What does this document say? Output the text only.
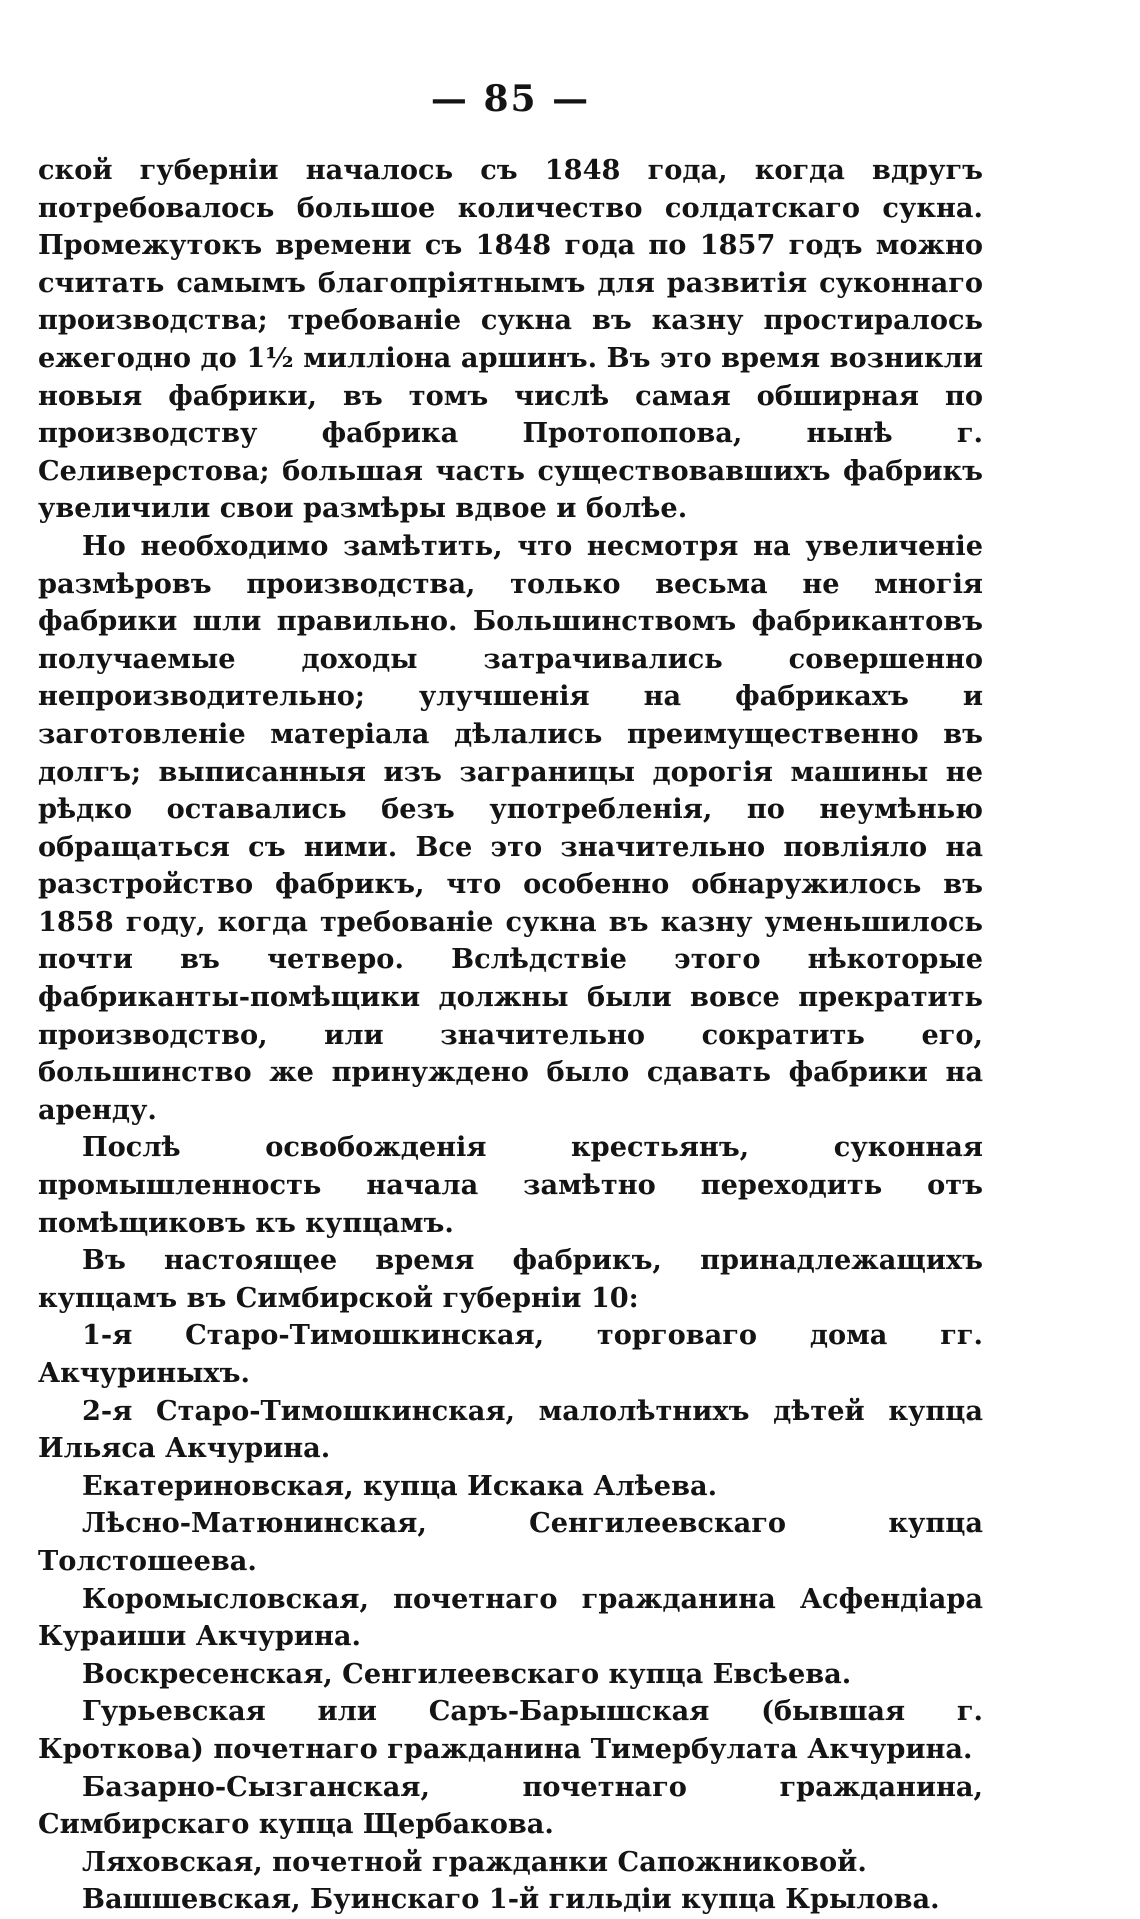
— 85 —

ской губерніи началось съ 1848 года, когда вдругъ потребовалось большое количество солдатскаго сукна. Промежутокъ времени съ 1848 года по 1857 годъ можно считать самымъ благопріятнымъ для развитія суконнаго производства; требованіе сукна въ казну простиралось ежегодно до 1½ милліона аршинъ. Въ это время возникли новыя фабрики, въ томъ числѣ самая обширная по производству фабрика Протопопова, нынѣ г. Селиверстова; большая часть существовавшихъ фабрикъ увеличили свои размѣры вдвое и болѣе.

Но необходимо замѣтить, что несмотря на увеличеніе размѣровъ производства, только весьма не многія фабрики шли правильно. Большинствомъ фабрикантовъ получаемые доходы затрачивались совершенно непроизводительно; улучшенія на фабрикахъ и заготовленіе матеріала дѣлались преимущественно въ долгъ; выписанныя изъ заграницы дорогія машины не рѣдко оставались безъ употребленія, по неумѣнью обращаться съ ними. Все это значительно повліяло на разстройство фабрикъ, что особенно обнаружилось въ 1858 году, когда требованіе сукна въ казну уменьшилось почти въ четверо. Вслѣдствіе этого нѣкоторые фабриканты-помѣщики должны были вовсе прекратить производство, или значительно сократить его, большинство же принуждено было сдавать фабрики на аренду.

Послѣ освобожденія крестьянъ, суконная промышленность начала замѣтно переходить отъ помѣщиковъ къ купцамъ.

Въ настоящее время фабрикъ, принадлежащихъ купцамъ въ Симбирской губерніи 10:

1-я Старо-Тимошкинская, торговаго дома гг. Акчуриныхъ.

2-я Старо-Тимошкинская, малолѣтнихъ дѣтей купца Ильяса Акчурина.

Екатериновская, купца Искака Алѣева.

Лѣсно-Матюнинская, Сенгилеевскаго купца Толстошеева.

Коромысловская, почетнаго гражданина Асфендіара Кураиши Акчурина.

Воскресенская, Сенгилеевскаго купца Евсѣева.

Гурьевская или Саръ-Барышская (бывшая г. Кроткова) почетнаго гражданина Тимербулата Акчурина.

Базарно-Сызганская, почетнаго гражданина, Симбирскаго купца Щербакова.

Ляховская, почетной гражданки Сапожниковой.

Вашшевская, Буинскаго 1-й гильдіи купца Крылова.
